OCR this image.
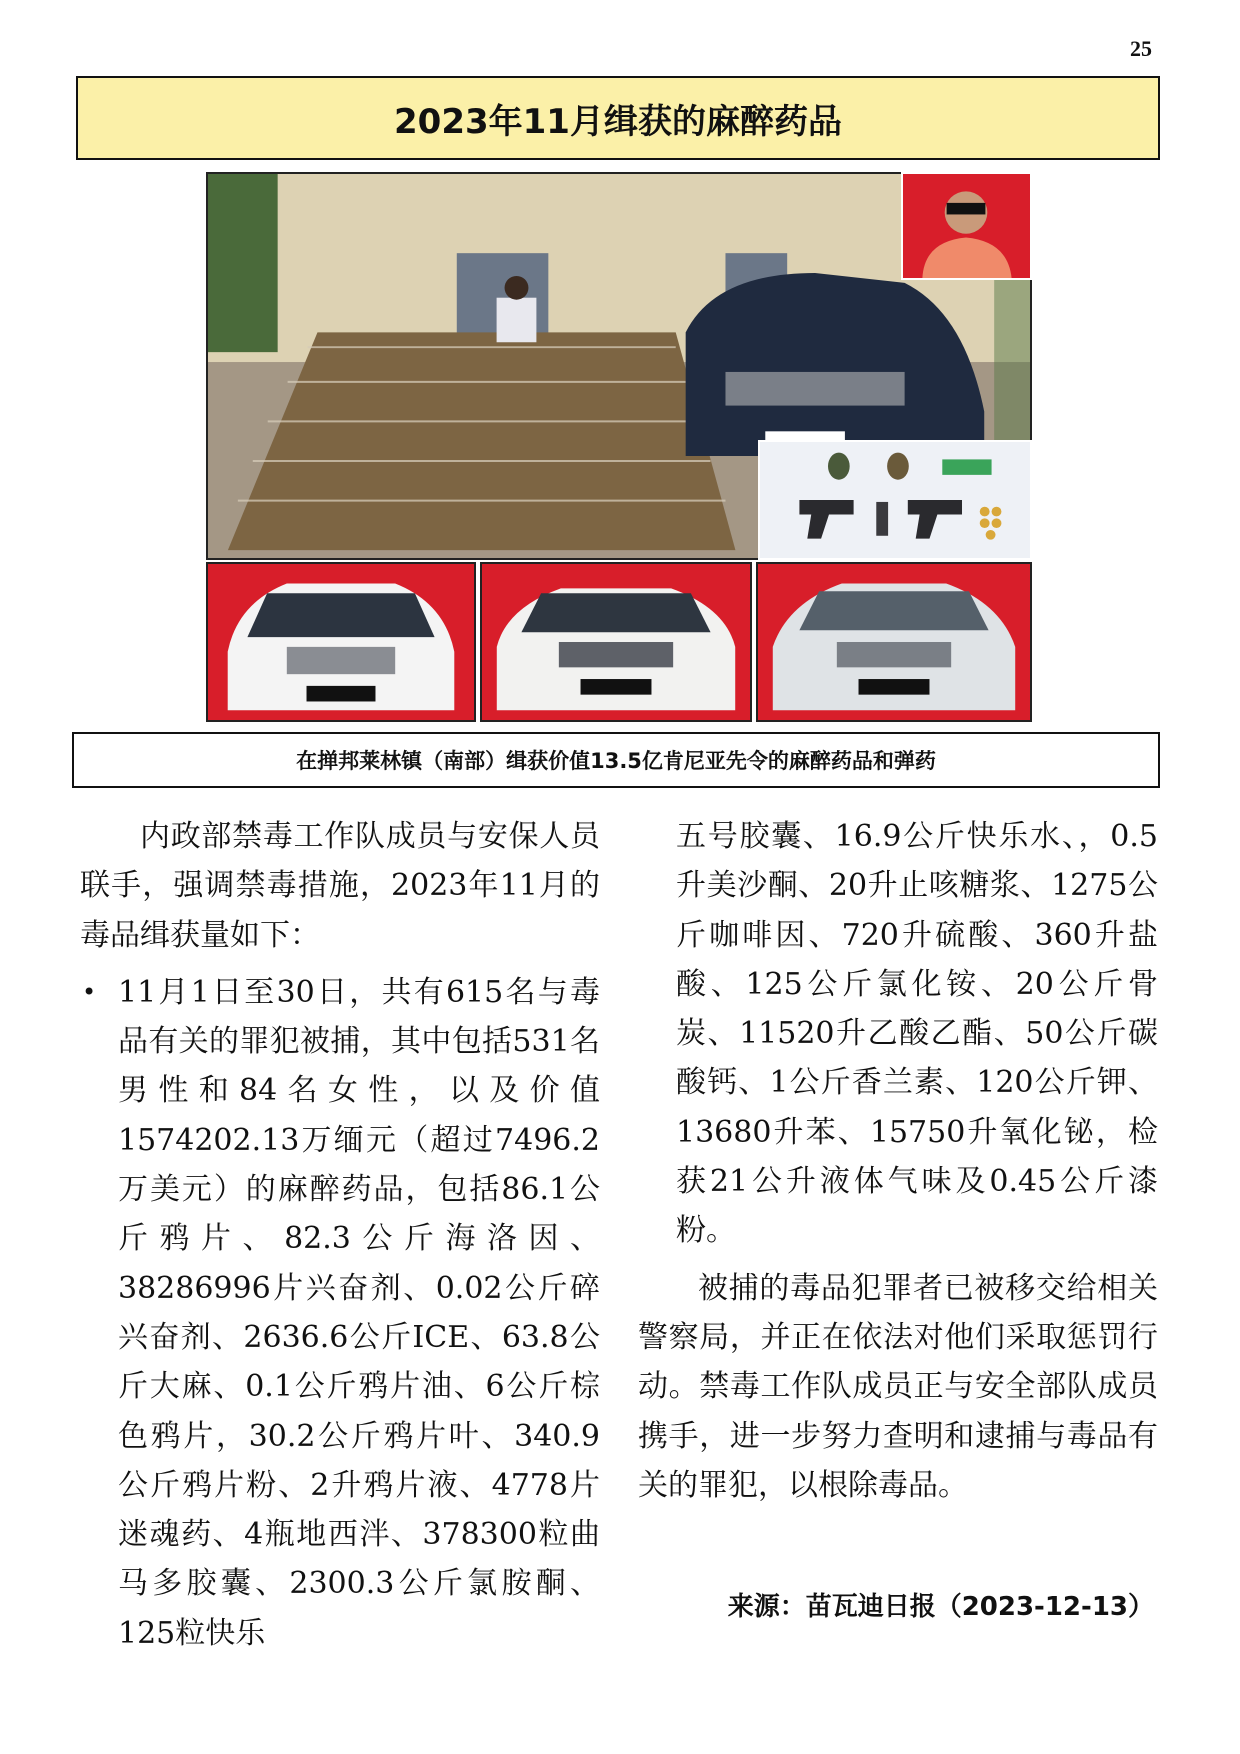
25
2023年11月缉获的麻醉药品
在掸邦莱林镇（南部）缉获价值13.5亿肯尼亚先令的麻醉药品和弹药

内政部禁毒工作队成员与安保人员联手，强调禁毒措施，2023年11月的毒品缉获量如下：

• 11月1日至30日，共有615名与毒品有关的罪犯被捕，其中包括531名男性和84名女性，以及价值1574202.13万缅元（超过7496.2万美元）的麻醉药品，包括86.1公斤鸦片、82.3公斤海洛因、38286996片兴奋剂、0.02公斤碎兴奋剂、2636.6公斤ICE、63.8公斤大麻、0.1公斤鸦片油、6公斤棕色鸦片，30.2公斤鸦片叶、340.9公斤鸦片粉、2升鸦片液、4778片迷魂药、4瓶地西泮、378300粒曲马多胶囊、2300.3公斤氯胺酮、125粒快乐

五号胶囊、16.9公斤快乐水、，0.5升美沙酮、20升止咳糖浆、1275公斤咖啡因、720升硫酸、360升盐酸、125公斤氯化铵、20公斤骨炭、11520升乙酸乙酯、50公斤碳酸钙、1公斤香兰素、120公斤钾、13680升苯、15750升氧化铋，检获21公升液体气味及0.45公斤漆粉。

被捕的毒品犯罪者已被移交给相关警察局，并正在依法对他们采取惩罚行动。禁毒工作队成员正与安全部队成员携手，进一步努力查明和逮捕与毒品有关的罪犯，以根除毒品。

来源：苗瓦迪日报（2023-12-13）
